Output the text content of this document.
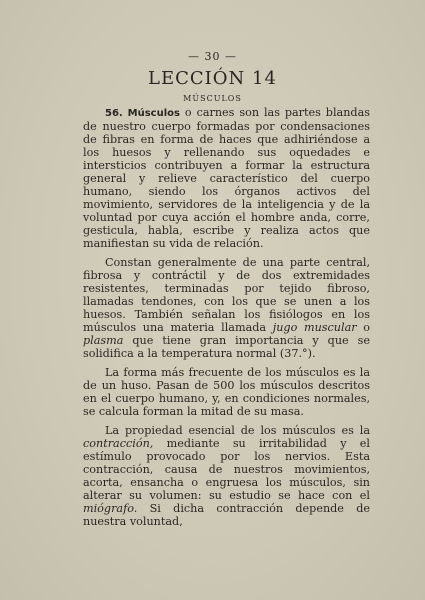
— 30 —
LECCIÓN 14
MÚSCULOS

56. Músculos o carnes son las partes blandas de nuestro cuerpo formadas por condensaciones de fibras en forma de haces que adhiriéndose a los huesos y rellenando sus oquedades e intersticios contribuyen a formar la estructura general y relieve característico del cuerpo humano, siendo los órganos activos del movimiento, servidores de la inteligencia y de la voluntad por cuya acción el hombre anda, corre, gesticula, habla, escribe y realiza actos que manifiestan su vida de relación.

Constan generalmente de una parte central, fibrosa y contráctil y de dos extremidades resistentes, terminadas por tejido fibroso, llamadas tendones, con los que se unen a los huesos. También señalan los fisiólogos en los músculos una materia llamada jugo muscular o plasma que tiene gran importancia y que se solidifica a la temperatura normal (37.°).

La forma más frecuente de los músculos es la de un huso. Pasan de 500 los músculos descritos en el cuerpo humano, y, en condiciones normales, se calcula forman la mitad de su masa.

La propiedad esencial de los músculos es la contracción, mediante su irritabilidad y el estímulo provocado por los nervios. Esta contracción, causa de nuestros movimientos, acorta, ensancha o engruesa los músculos, sin alterar su volumen: su estudio se hace con el miógrafo. Si dicha contracción depende de nuestra voluntad,
